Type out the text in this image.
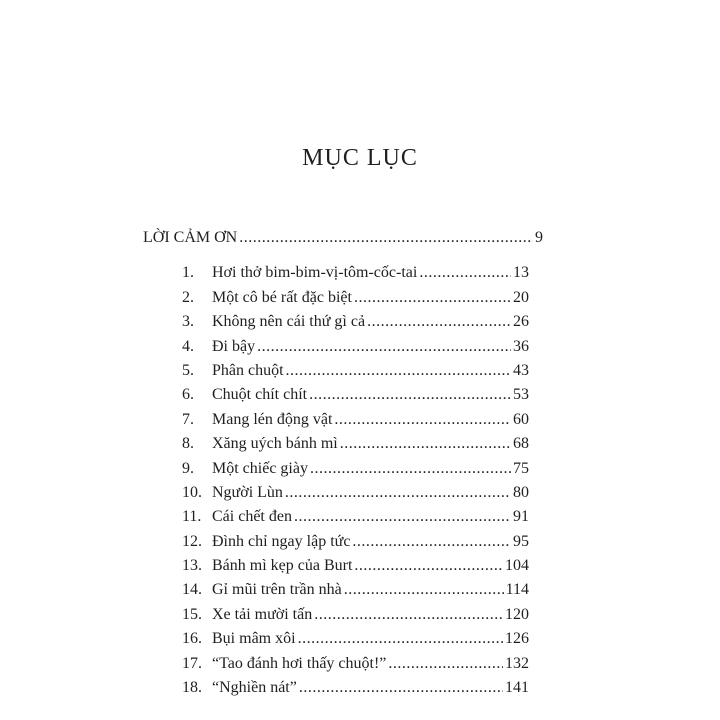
MỤC LỤC
LỜI CẢM ƠN .....	9
1.	Hơi thở bim-bim-vị-tôm-cốc-tai .....	13
2.	Một cô bé rất đặc biệt .....	20
3.	Không nên cái thứ gì cả .....	26
4.	Đi bậy .....	36
5.	Phân chuột .....	43
6.	Chuột chít chít .....	53
7.	Mang lén động vật .....	60
8.	Xăng uých bánh mì .....	68
9.	Một chiếc giày .....	75
10. Người Lùn .....	80
11. Cái chết đen .....	91
12. Đình chỉ ngay lập tức .....	95
13. Bánh mì kẹp của Burt .....	104
14. Gỉ mũi trên trần nhà .....	114
15. Xe tải mười tấn .....	120
16. Bụi mâm xôi .....	126
17. “Tao đánh hơi thấy chuột!” .....	132
18. “Nghiền nát” .....	141
